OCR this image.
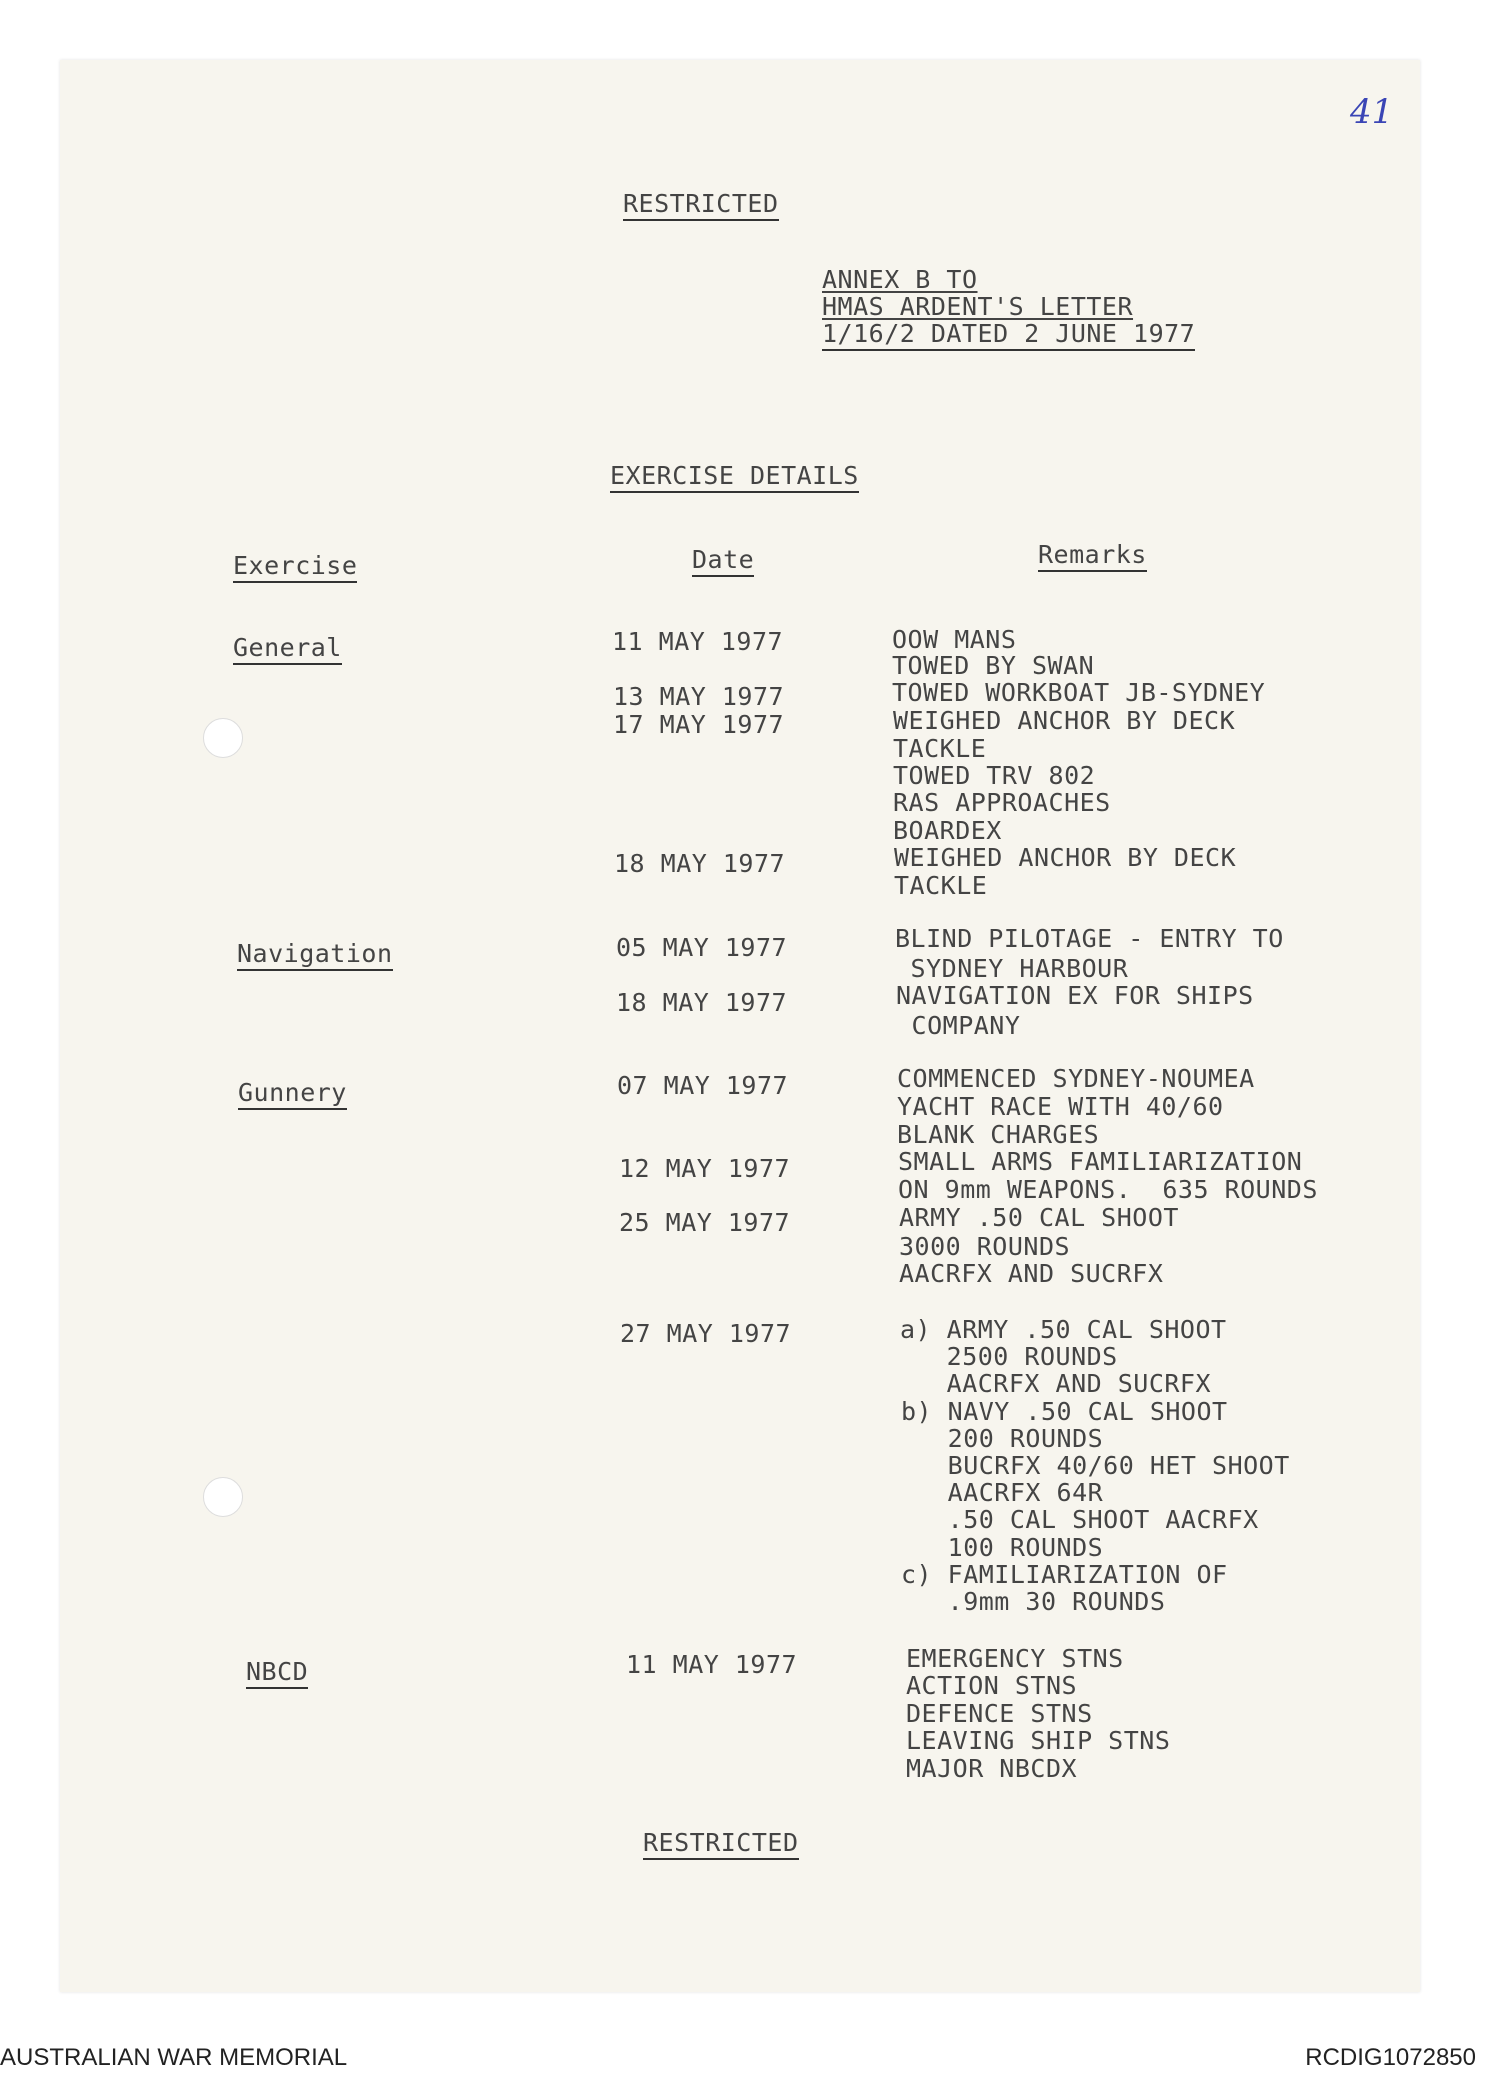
41
RESTRICTED
ANNEX B TO
HMAS ARDENT'S LETTER
1/16/2 DATED 2 JUNE 1977
EXERCISE DETAILS
Exercise	Date	Remarks
General	11 MAY 1977	OOW MANS
TOWED BY SWAN
13 MAY 1977	TOWED WORKBOAT JB-SYDNEY
17 MAY 1977	WEIGHED ANCHOR BY DECK
TACKLE
TOWED TRV 802
RAS APPROACHES
BOARDEX
18 MAY 1977	WEIGHED ANCHOR BY DECK
TACKLE
Navigation	05 MAY 1977	BLIND PILOTAGE - ENTRY TO
SYDNEY HARBOUR
18 MAY 1977	NAVIGATION EX FOR SHIPS
COMPANY
Gunnery	07 MAY 1977	COMMENCED SYDNEY-NOUMEA
YACHT RACE WITH 40/60
BLANK CHARGES
12 MAY 1977	SMALL ARMS FAMILIARIZATION
ON 9mm WEAPONS.  635 ROUNDS
25 MAY 1977	ARMY .50 CAL SHOOT
3000 ROUNDS
AACRFX AND SUCRFX
27 MAY 1977	a) ARMY .50 CAL SHOOT
2500 ROUNDS
AACRFX AND SUCRFX
b) NAVY .50 CAL SHOOT
200 ROUNDS
BUCRFX 40/60 HET SHOOT
AACRFX 64R
.50 CAL SHOOT AACRFX
100 ROUNDS
c) FAMILIARIZATION OF
.9mm 30 ROUNDS
NBCD	11 MAY 1977	EMERGENCY STNS
ACTION STNS
DEFENCE STNS
LEAVING SHIP STNS
MAJOR NBCDX
RESTRICTED
AUSTRALIAN WAR MEMORIAL	RCDIG1072850
